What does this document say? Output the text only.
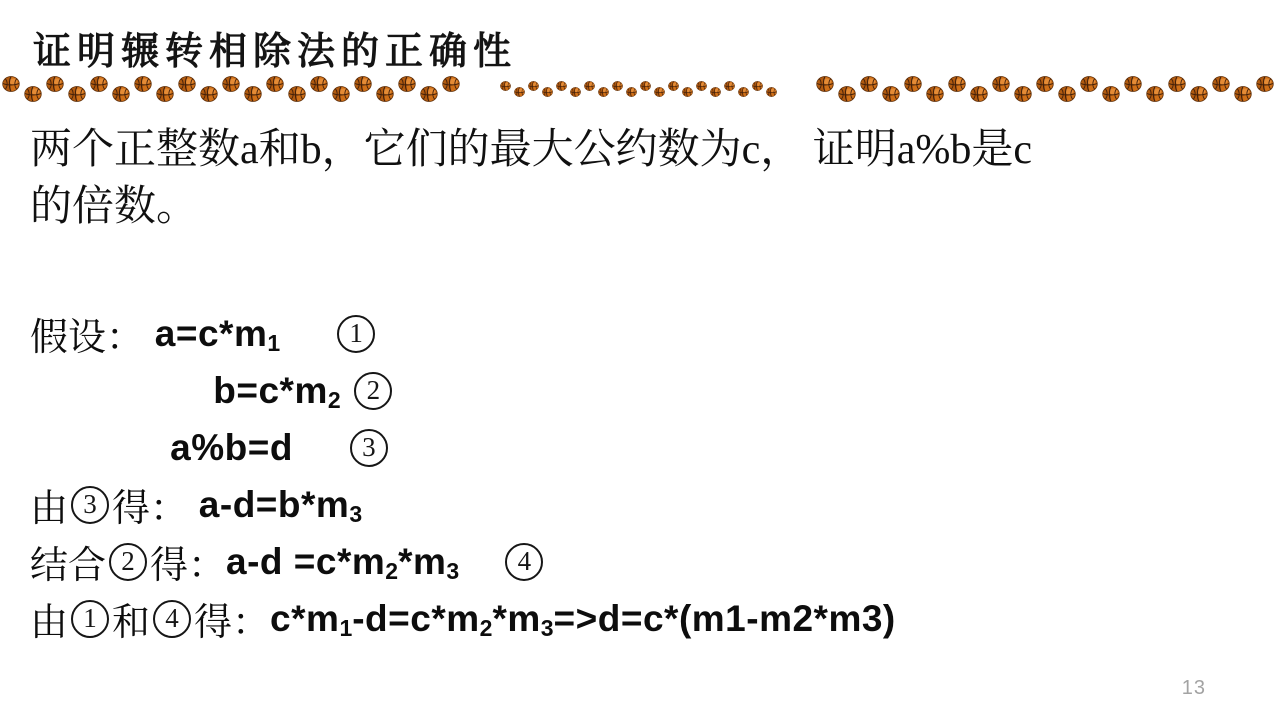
证明辗转相除法的正确性
两个正整数a和b，它们的最大公约数为c， 证明a%b是c
的倍数。
假设： a=c*m 1
	1
b=c*m 2
2
a%b=d
	3
由 3 得： a-d=b*m 3
结合 2 得： a-d =c*m 2 *m 3
	4
由 1 和 4 得： c*m 1 -d=c*m 2 *m 3 =>d=c*(m1-m2*m3)
13
